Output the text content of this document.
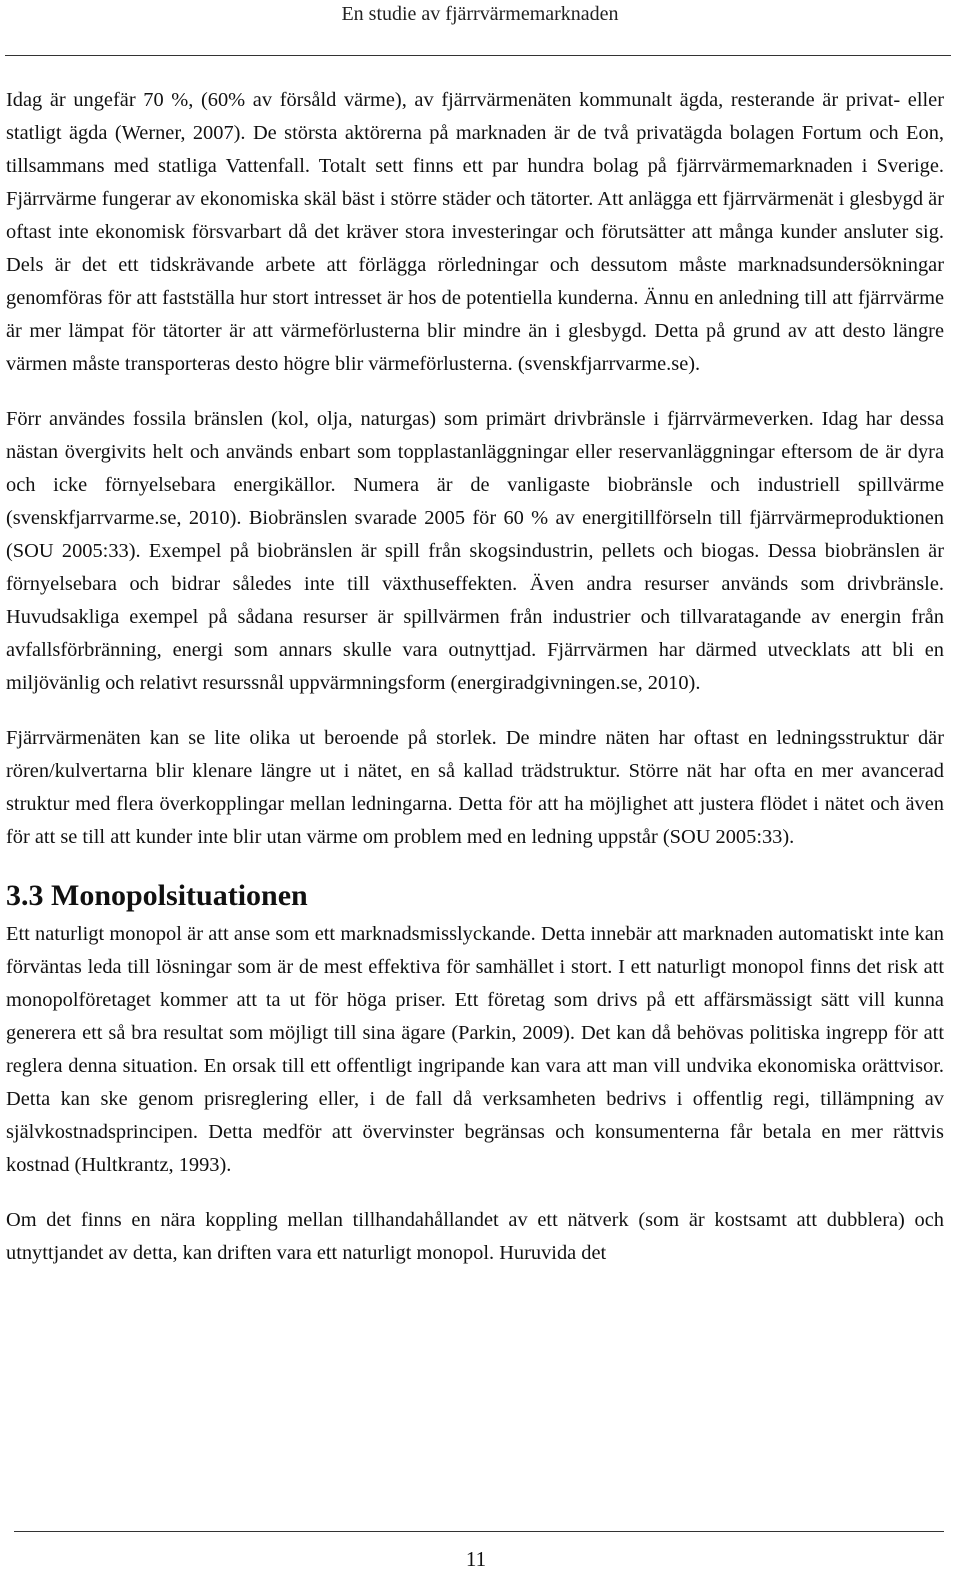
En studie av fjärrvärmemarknaden

Idag är ungefär 70 %, (60% av försåld värme), av fjärrvärmenäten kommunalt ägda, resterande är privat- eller statligt ägda (Werner, 2007). De största aktörerna på marknaden är de två privatägda bolagen Fortum och Eon, tillsammans med statliga Vattenfall. Totalt sett finns ett par hundra bolag på fjärrvärmemarknaden i Sverige. Fjärrvärme fungerar av ekonomiska skäl bäst i större städer och tätorter. Att anlägga ett fjärrvärmenät i glesbygd är oftast inte ekonomisk försvarbart då det kräver stora investeringar och förutsätter att många kunder ansluter sig. Dels är det ett tidskrävande arbete att förlägga rörledningar och dessutom måste marknadsundersökningar genomföras för att fastställa hur stort intresset är hos de potentiella kunderna. Ännu en anledning till att fjärrvärme är mer lämpat för tätorter är att värmeförlusterna blir mindre än i glesbygd. Detta på grund av att desto längre värmen måste transporteras desto högre blir värmeförlusterna. (svenskfjarrvarme.se).

Förr användes fossila bränslen (kol, olja, naturgas) som primärt drivbränsle i fjärrvärmeverken. Idag har dessa nästan övergivits helt och används enbart som topplastanläggningar eller reservanläggningar eftersom de är dyra och icke förnyelsebara energikällor. Numera är de vanligaste biobränsle och industriell spillvärme (svenskfjarrvarme.se, 2010). Biobränslen svarade 2005 för 60 % av energitillförseln till fjärrvärmeproduktionen (SOU 2005:33). Exempel på biobränslen är spill från skogsindustrin, pellets och biogas. Dessa biobränslen är förnyelsebara och bidrar således inte till växthuseffekten. Även andra resurser används som drivbränsle. Huvudsakliga exempel på sådana resurser är spillvärmen från industrier och tillvaratagande av energin från avfallsförbränning, energi som annars skulle vara outnyttjad. Fjärrvärmen har därmed utvecklats att bli en miljövänlig och relativt resurssnål uppvärmningsform (energiradgivningen.se, 2010).

Fjärrvärmenäten kan se lite olika ut beroende på storlek. De mindre näten har oftast en ledningsstruktur där rören/kulvertarna blir klenare längre ut i nätet, en så kallad trädstruktur. Större nät har ofta en mer avancerad struktur med flera överkopplingar mellan ledningarna. Detta för att ha möjlighet att justera flödet i nätet och även för att se till att kunder inte blir utan värme om problem med en ledning uppstår (SOU 2005:33).

3.3 Monopolsituationen

Ett naturligt monopol är att anse som ett marknadsmisslyckande. Detta innebär att marknaden automatiskt inte kan förväntas leda till lösningar som är de mest effektiva för samhället i stort. I ett naturligt monopol finns det risk att monopolföretaget kommer att ta ut för höga priser. Ett företag som drivs på ett affärsmässigt sätt vill kunna generera ett så bra resultat som möjligt till sina ägare (Parkin, 2009). Det kan då behövas politiska ingrepp för att reglera denna situation. En orsak till ett offentligt ingripande kan vara att man vill undvika ekonomiska orättvisor. Detta kan ske genom prisreglering eller, i de fall då verksamheten bedrivs i offentlig regi, tillämpning av självkostnadsprincipen. Detta medför att övervinster begränsas och konsumenterna får betala en mer rättvis kostnad (Hultkrantz, 1993).

Om det finns en nära koppling mellan tillhandahållandet av ett nätverk (som är kostsamt att dubblera) och utnyttjandet av detta, kan driften vara ett naturligt monopol. Huruvida det

11
